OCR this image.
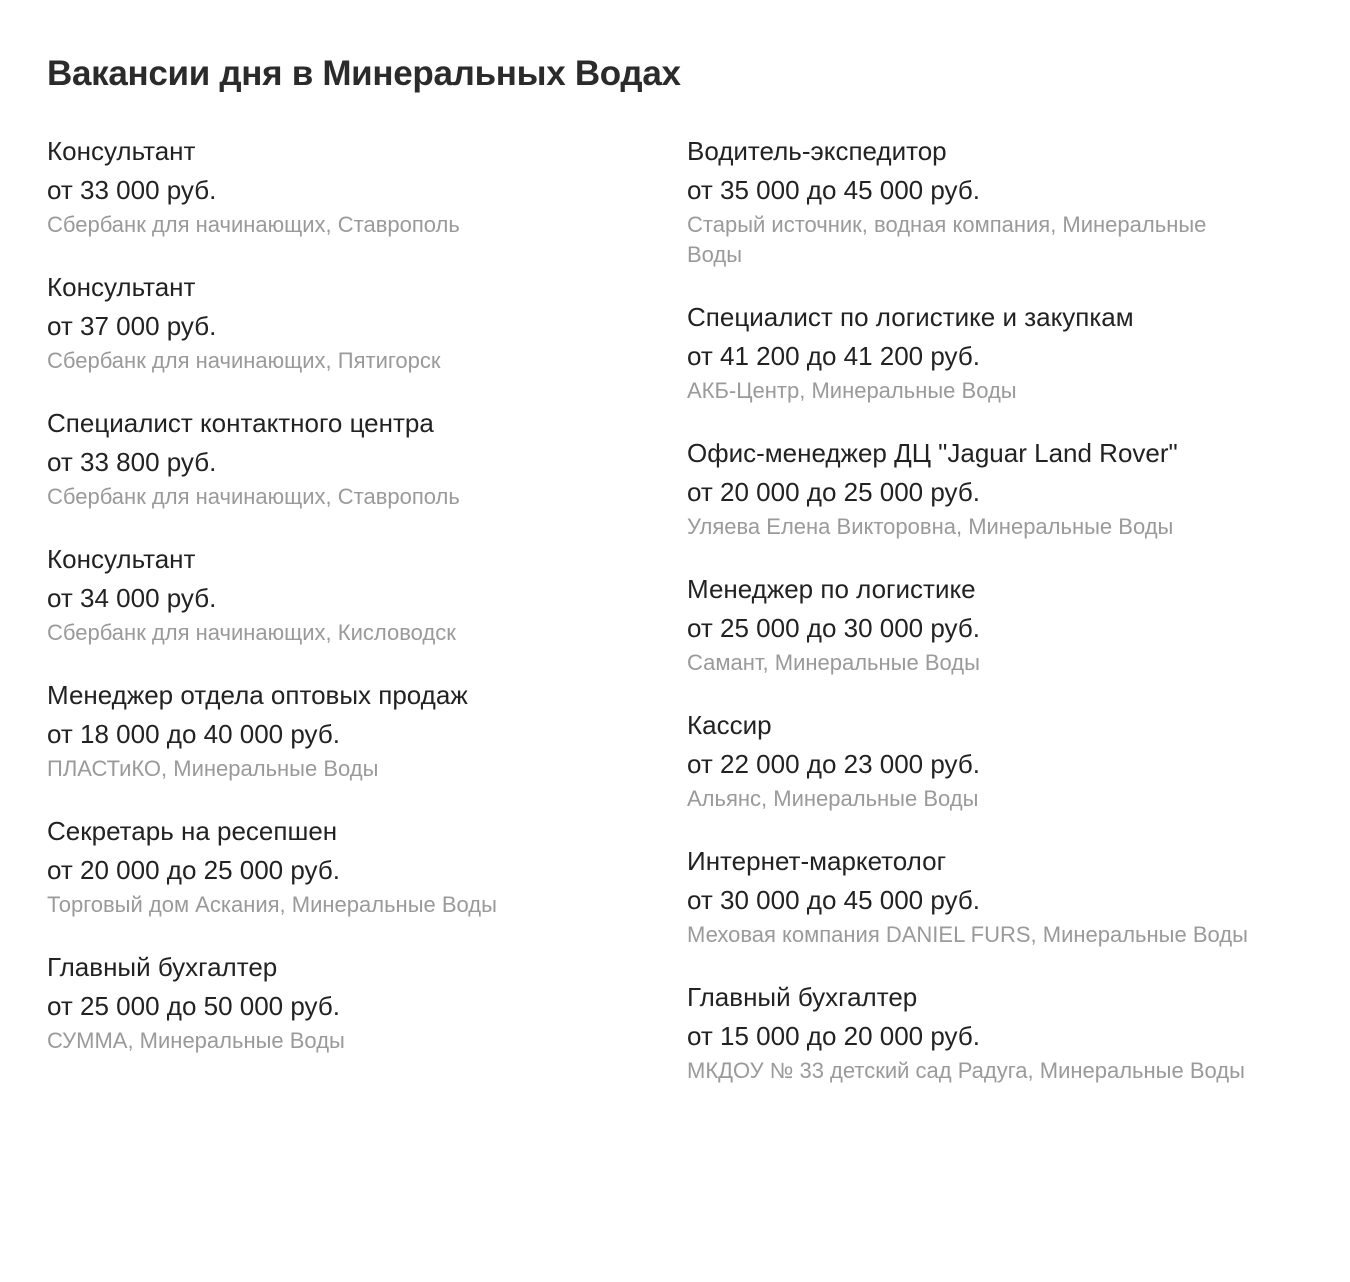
Вакансии дня в Минеральных Водах
Консультант
от 33 000 руб.
Сбербанк для начинающих, Ставрополь
Консультант
от 37 000 руб.
Сбербанк для начинающих, Пятигорск
Специалист контактного центра
от 33 800 руб.
Сбербанк для начинающих, Ставрополь
Консультант
от 34 000 руб.
Сбербанк для начинающих, Кисловодск
Менеджер отдела оптовых продаж
от 18 000 до 40 000 руб.
ПЛАСТиКО, Минеральные Воды
Секретарь на ресепшен
от 20 000 до 25 000 руб.
Торговый дом Аскания, Минеральные Воды
Главный бухгалтер
от 25 000 до 50 000 руб.
СУММА, Минеральные Воды
Водитель-экспедитор
от 35 000 до 45 000 руб.
Старый источник, водная компания, Минеральные Воды
Специалист по логистике и закупкам
от 41 200 до 41 200 руб.
АКБ-Центр, Минеральные Воды
Офис-менеджер ДЦ "Jaguar Land Rover"
от 20 000 до 25 000 руб.
Уляева Елена Викторовна, Минеральные Воды
Менеджер по логистике
от 25 000 до 30 000 руб.
Самант, Минеральные Воды
Кассир
от 22 000 до 23 000 руб.
Альянс, Минеральные Воды
Интернет-маркетолог
от 30 000 до 45 000 руб.
Меховая компания DANIEL FURS, Минеральные Воды
Главный бухгалтер
от 15 000 до 20 000 руб.
МКДОУ № 33 детский сад Радуга, Минеральные Воды
